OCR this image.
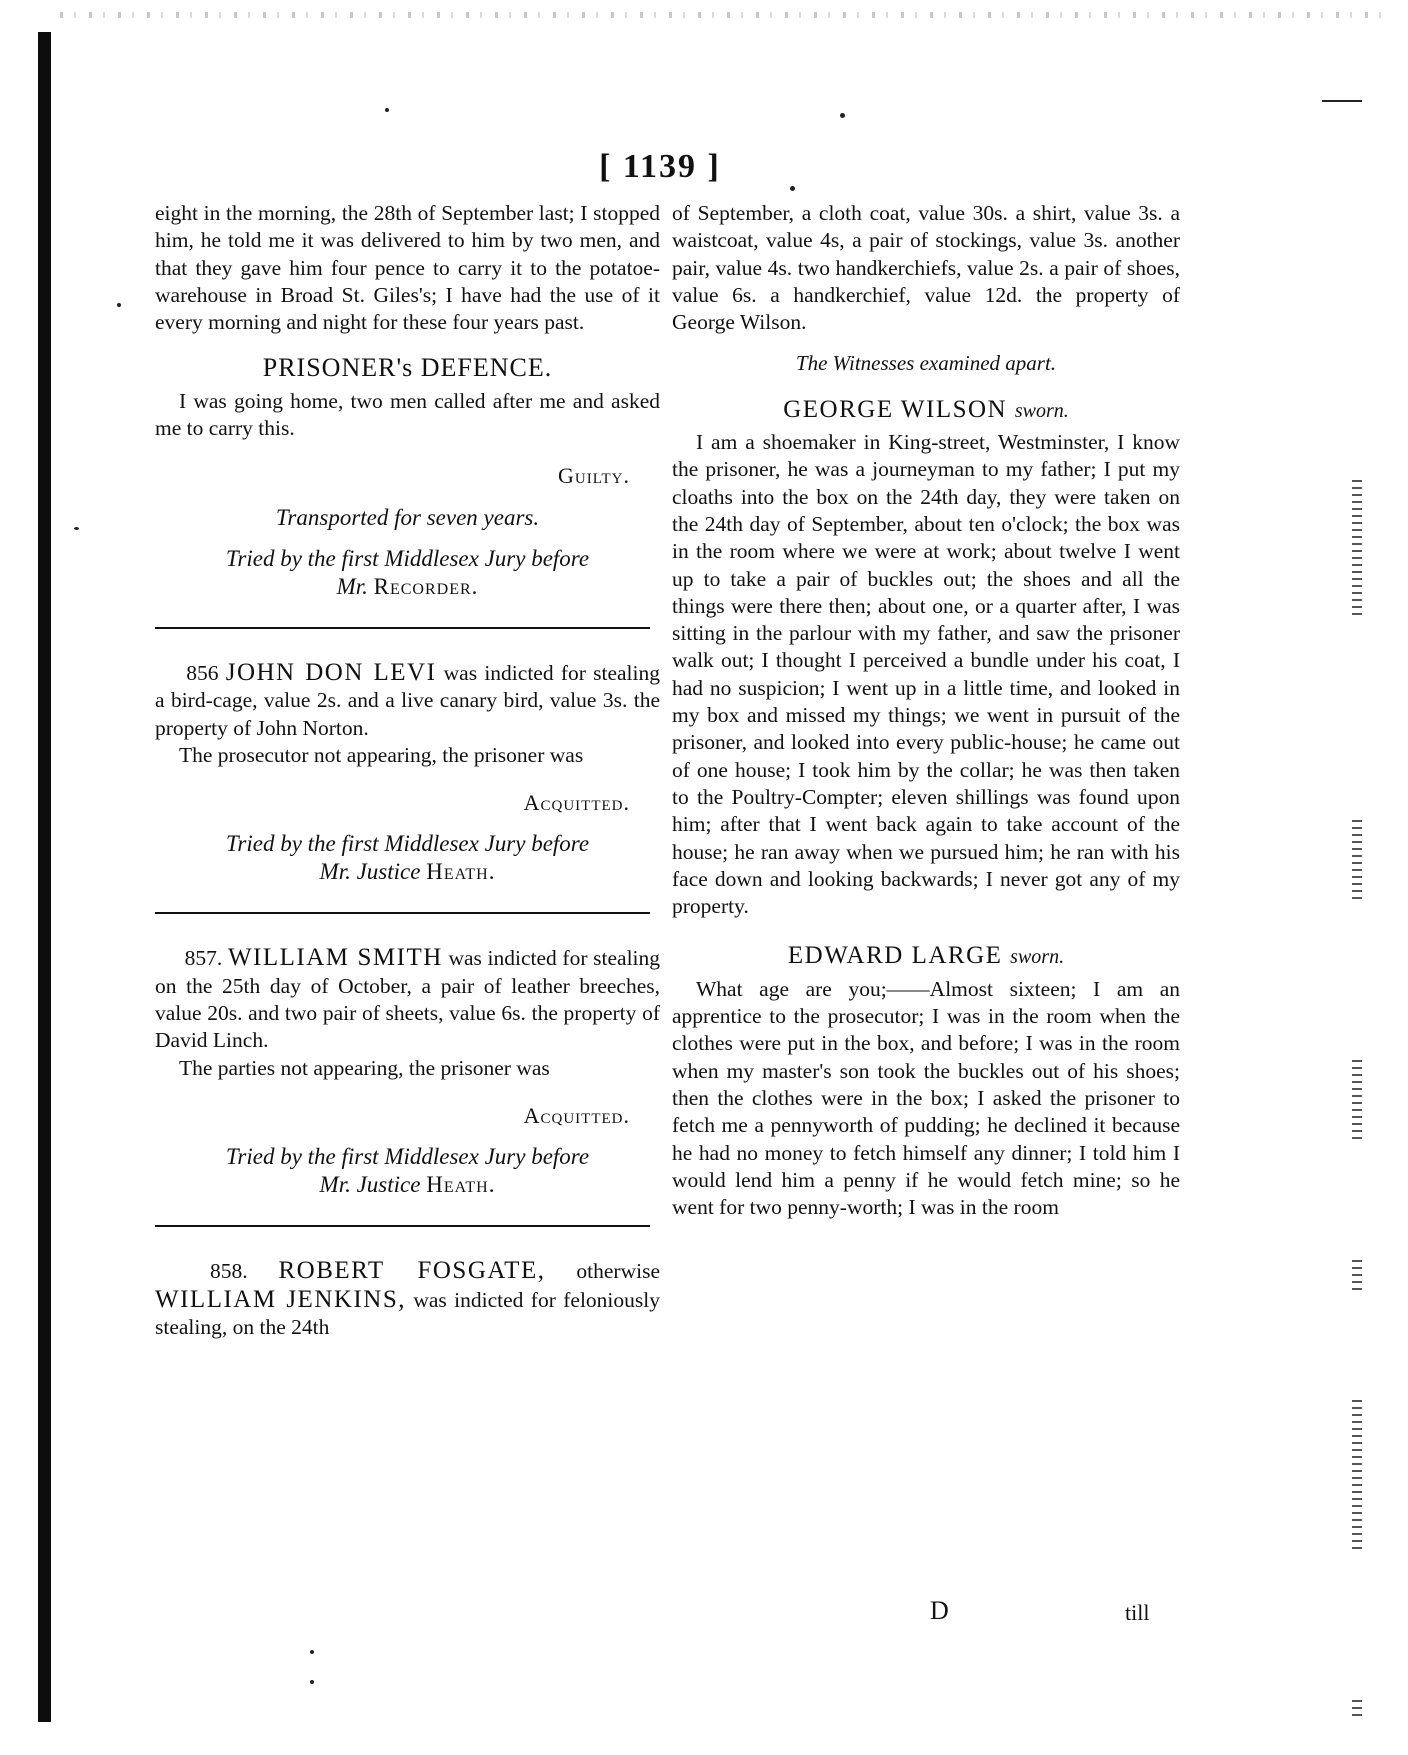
[ 1139 ]

eight in the morning, the 28th of September last; I stopped him, he told me it was delivered to him by two men, and that they gave him four pence to carry it to the potatoe-warehouse in Broad St. Giles's; I have had the use of it every morning and night for these four years past.

PRISONER's DEFENCE.

I was going home, two men called after me and asked me to carry this.

Guilty.
Transported for seven years.
Tried by the first Middlesex Jury before
Mr. Recorder.

856 JOHN DON LEVI was indicted for stealing a bird-cage, value 2s. and a live canary bird, value 3s. the property of John Norton.

The prosecutor not appearing, the prisoner was

Acquitted.
Tried by the first Middlesex Jury before
Mr. Justice Heath.

857. WILLIAM SMITH was indicted for stealing on the 25th day of October, a pair of leather breeches, value 20s. and two pair of sheets, value 6s. the property of David Linch.

The parties not appearing, the prisoner was

Acquitted.
Tried by the first Middlesex Jury before
Mr. Justice Heath.

858. ROBERT FOSGATE, otherwise WILLIAM JENKINS, was indicted for feloniously stealing, on the 24th

of September, a cloth coat, value 30s. a shirt, value 3s. a waistcoat, value 4s, a pair of stockings, value 3s. another pair, value 4s. two handkerchiefs, value 2s. a pair of shoes, value 6s. a handkerchief, value 12d. the property of George Wilson.

The Witnesses examined apart.
GEORGE WILSON sworn.

I am a shoemaker in King-street, Westminster, I know the prisoner, he was a journeyman to my father; I put my cloaths into the box on the 24th day, they were taken on the 24th day of September, about ten o'clock; the box was in the room where we were at work; about twelve I went up to take a pair of buckles out; the shoes and all the things were there then; about one, or a quarter after, I was sitting in the parlour with my father, and saw the prisoner walk out; I thought I perceived a bundle under his coat, I had no suspicion; I went up in a little time, and looked in my box and missed my things; we went in pursuit of the prisoner, and looked into every public-house; he came out of one house; I took him by the collar; he was then taken to the Poultry-Compter; eleven shillings was found upon him; after that I went back again to take account of the house; he ran away when we pursued him; he ran with his face down and looking backwards; I never got any of my property.

EDWARD LARGE sworn.

What age are you;——Almost sixteen; I am an apprentice to the prosecutor; I was in the room when the clothes were put in the box, and before; I was in the room when my master's son took the buckles out of his shoes; then the clothes were in the box; I asked the prisoner to fetch me a pennyworth of pudding; he declined it because he had no money to fetch himself any dinner; I told him I would lend him a penny if he would fetch mine; so he went for two penny-worth; I was in the room

D	till
